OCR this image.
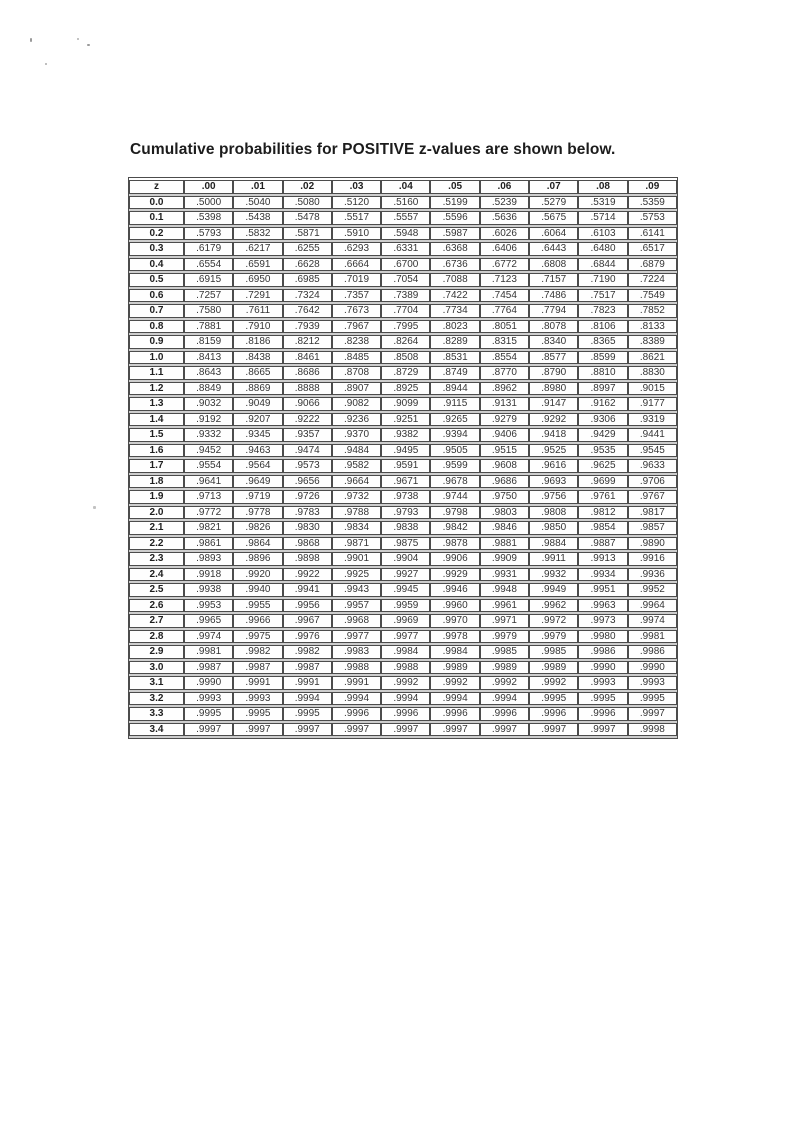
Cumulative probabilities for POSITIVE z-values are shown below.
z	.00	.01	.02	.03	.04	.05	.06	.07	.08	.09
0.0	.5000	.5040	.5080	.5120	.5160	.5199	.5239	.5279	.5319	.5359
0.1	.5398	.5438	.5478	.5517	.5557	.5596	.5636	.5675	.5714	.5753
0.2	.5793	.5832	.5871	.5910	.5948	.5987	.6026	.6064	.6103	.6141
0.3	.6179	.6217	.6255	.6293	.6331	.6368	.6406	.6443	.6480	.6517
0.4	.6554	.6591	.6628	.6664	.6700	.6736	.6772	.6808	.6844	.6879
0.5	.6915	.6950	.6985	.7019	.7054	.7088	.7123	.7157	.7190	.7224
0.6	.7257	.7291	.7324	.7357	.7389	.7422	.7454	.7486	.7517	.7549
0.7	.7580	.7611	.7642	.7673	.7704	.7734	.7764	.7794	.7823	.7852
0.8	.7881	.7910	.7939	.7967	.7995	.8023	.8051	.8078	.8106	.8133
0.9	.8159	.8186	.8212	.8238	.8264	.8289	.8315	.8340	.8365	.8389
1.0	.8413	.8438	.8461	.8485	.8508	.8531	.8554	.8577	.8599	.8621
1.1	.8643	.8665	.8686	.8708	.8729	.8749	.8770	.8790	.8810	.8830
1.2	.8849	.8869	.8888	.8907	.8925	.8944	.8962	.8980	.8997	.9015
1.3	.9032	.9049	.9066	.9082	.9099	.9115	.9131	.9147	.9162	.9177
1.4	.9192	.9207	.9222	.9236	.9251	.9265	.9279	.9292	.9306	.9319
1.5	.9332	.9345	.9357	.9370	.9382	.9394	.9406	.9418	.9429	.9441
1.6	.9452	.9463	.9474	.9484	.9495	.9505	.9515	.9525	.9535	.9545
1.7	.9554	.9564	.9573	.9582	.9591	.9599	.9608	.9616	.9625	.9633
1.8	.9641	.9649	.9656	.9664	.9671	.9678	.9686	.9693	.9699	.9706
1.9	.9713	.9719	.9726	.9732	.9738	.9744	.9750	.9756	.9761	.9767
2.0	.9772	.9778	.9783	.9788	.9793	.9798	.9803	.9808	.9812	.9817
2.1	.9821	.9826	.9830	.9834	.9838	.9842	.9846	.9850	.9854	.9857
2.2	.9861	.9864	.9868	.9871	.9875	.9878	.9881	.9884	.9887	.9890
2.3	.9893	.9896	.9898	.9901	.9904	.9906	.9909	.9911	.9913	.9916
2.4	.9918	.9920	.9922	.9925	.9927	.9929	.9931	.9932	.9934	.9936
2.5	.9938	.9940	.9941	.9943	.9945	.9946	.9948	.9949	.9951	.9952
2.6	.9953	.9955	.9956	.9957	.9959	.9960	.9961	.9962	.9963	.9964
2.7	.9965	.9966	.9967	.9968	.9969	.9970	.9971	.9972	.9973	.9974
2.8	.9974	.9975	.9976	.9977	.9977	.9978	.9979	.9979	.9980	.9981
2.9	.9981	.9982	.9982	.9983	.9984	.9984	.9985	.9985	.9986	.9986
3.0	.9987	.9987	.9987	.9988	.9988	.9989	.9989	.9989	.9990	.9990
3.1	.9990	.9991	.9991	.9991	.9992	.9992	.9992	.9992	.9993	.9993
3.2	.9993	.9993	.9994	.9994	.9994	.9994	.9994	.9995	.9995	.9995
3.3	.9995	.9995	.9995	.9996	.9996	.9996	.9996	.9996	.9996	.9997
3.4	.9997	.9997	.9997	.9997	.9997	.9997	.9997	.9997	.9997	.9998
